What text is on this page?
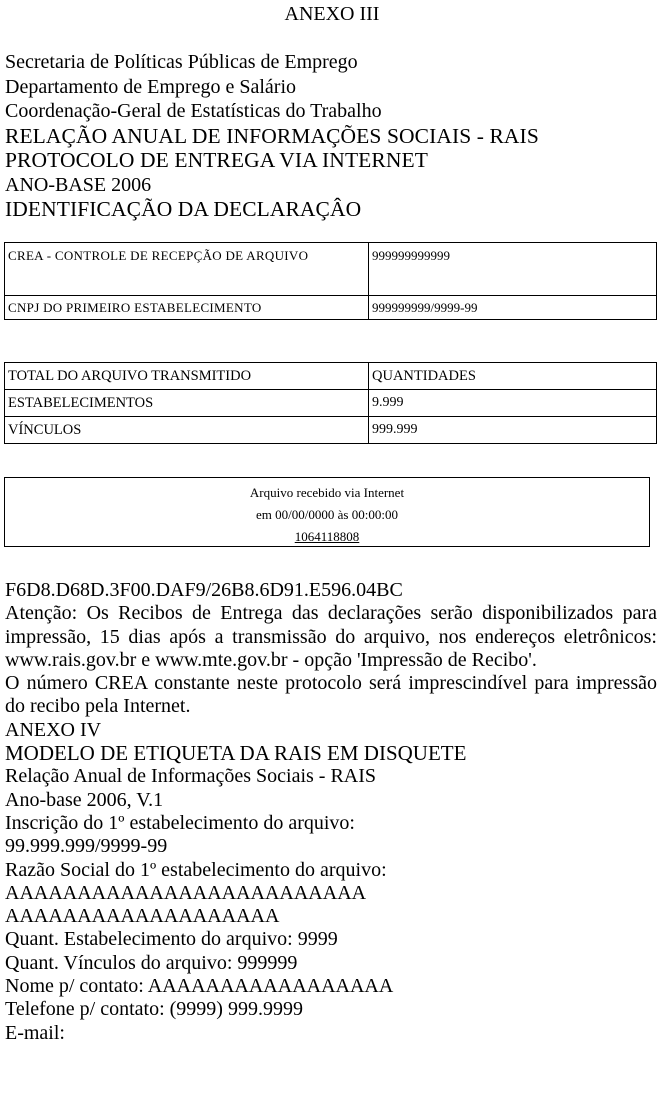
ANEXO III
Secretaria de Políticas Públicas de Emprego
Departamento de Emprego e Salário
Coordenação-Geral de Estatísticas do Trabalho
RELAÇÃO ANUAL DE INFORMAÇÕES SOCIAIS - RAIS
PROTOCOLO DE ENTREGA VIA INTERNET
ANO-BASE 2006
IDENTIFICAÇÃO DA DECLARAÇÂO
CREA - CONTROLE DE RECEPÇÃO DE ARQUIVO	999999999999
CNPJ DO PRIMEIRO ESTABELECIMENTO	999999999/9999-99
TOTAL DO ARQUIVO TRANSMITIDO	QUANTIDADES
ESTABELECIMENTOS	9.999
VÍNCULOS	999.999
Arquivo recebido via Internet
em 00/00/0000 às 00:00:00
1064118808
F6D8.D68D.3F00.DAF9/26B8.6D91.E596.04BC
Atenção: Os Recibos de Entrega das declarações serão disponibilizados para impressão, 15 dias após a transmissão do arquivo, nos endereços eletrônicos: www.rais.gov.br e www.mte.gov.br - opção 'Impressão de Recibo'.
O número CREA constante neste protocolo será imprescindível para impressão do recibo pela Internet.
ANEXO IV
MODELO DE ETIQUETA DA RAIS EM DISQUETE
Relação Anual de Informações Sociais - RAIS
Ano-base 2006, V.1
Inscrição do 1º estabelecimento do arquivo:
99.999.999/9999-99
Razão Social do 1º estabelecimento do arquivo:
AAAAAAAAAAAAAAAAAAAAAAAAA
AAAAAAAAAAAAAAAAAAA
Quant. Estabelecimento do arquivo: 9999
Quant. Vínculos do arquivo: 999999
Nome p/ contato: AAAAAAAAAAAAAAAAA
Telefone p/ contato: (9999) 999.9999
E-mail:
